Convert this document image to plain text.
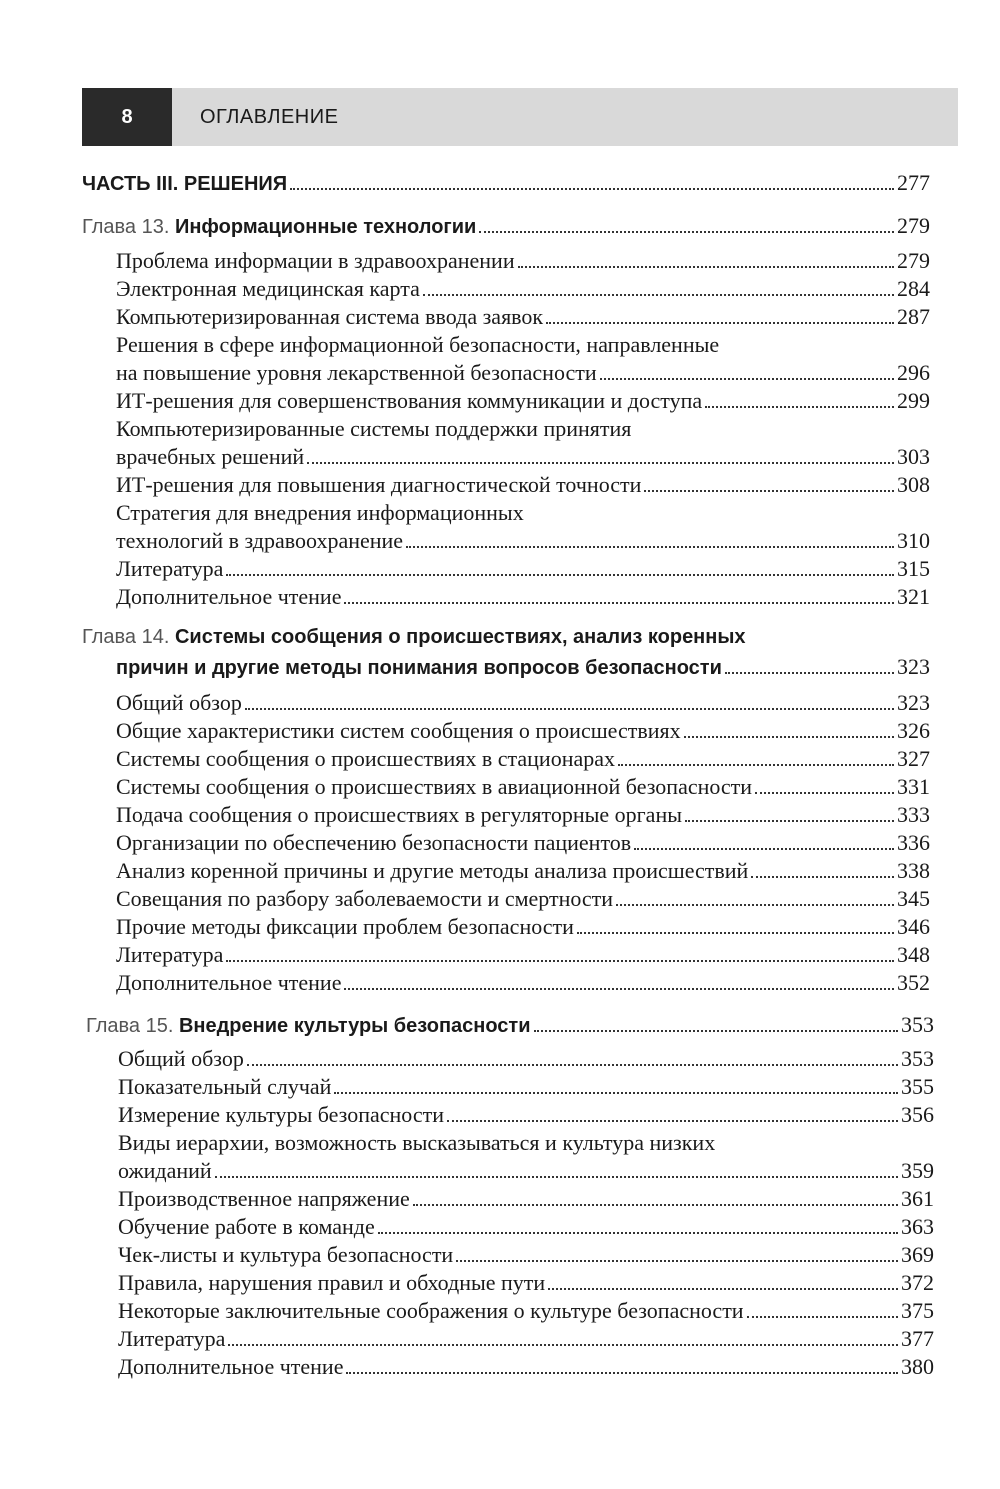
8	ОГЛАВЛЕНИЕ
ЧАСТЬ III. РЕШЕНИЯ	277
Глава 13. Информационные технологии	279
Проблема информации в здравоохранении	279
Электронная медицинская карта	284
Компьютеризированная система ввода заявок	287
Решения в сфере информационной безопасности, направленные
на повышение уровня лекарственной безопасности	296
ИТ-решения для совершенствования коммуникации и доступа	299
Компьютеризированные системы поддержки принятия
врачебных решений	303
ИТ-решения для повышения диагностической точности	308
Стратегия для внедрения информационных
технологий в здравоохранение	310
Литература	315
Дополнительное чтение	321
Глава 14. Системы сообщения о происшествиях, анализ коренных
причин и другие методы понимания вопросов безопасности	323
Общий обзор	323
Общие характеристики систем сообщения о происшествиях	326
Системы сообщения о происшествиях в стационарах	327
Системы сообщения о происшествиях в авиационной безопасности	331
Подача сообщения о происшествиях в регуляторные органы	333
Организации по обеспечению безопасности пациентов	336
Анализ коренной причины и другие методы анализа происшествий	338
Совещания по разбору заболеваемости и смертности	345
Прочие методы фиксации проблем безопасности	346
Литература	348
Дополнительное чтение	352
Глава 15. Внедрение культуры безопасности	353
Общий обзор	353
Показательный случай	355
Измерение культуры безопасности	356
Виды иерархии, возможность высказываться и культура низких
ожиданий	359
Производственное напряжение	361
Обучение работе в команде	363
Чек-листы и культура безопасности	369
Правила, нарушения правил и обходные пути	372
Некоторые заключительные соображения о культуре безопасности	375
Литература	377
Дополнительное чтение	380
